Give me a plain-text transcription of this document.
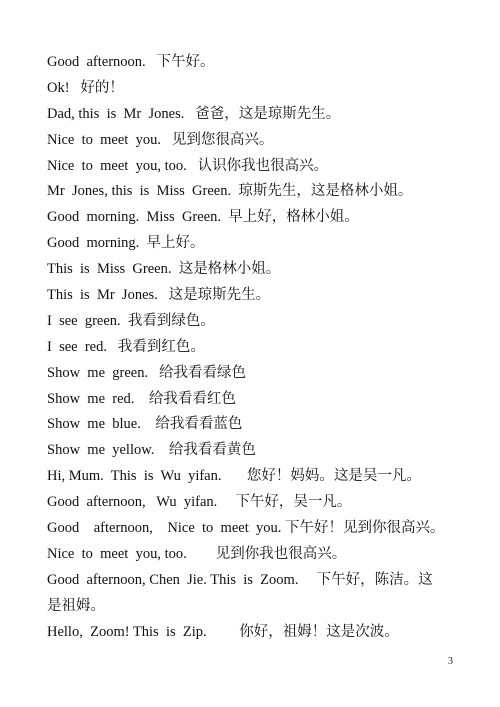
Good  afternoon.   下午好。
Ok!   好的！
Dad, this  is  Mr  Jones.   爸爸，这是琼斯先生。
Nice  to  meet  you.   见到您很高兴。
Nice  to  meet  you, too.   认识你我也很高兴。
Mr  Jones, this  is  Miss  Green.  琼斯先生，这是格林小姐。
Good  morning.  Miss  Green.  早上好，格林小姐。
Good  morning.  早上好。
This  is  Miss  Green.  这是格林小姐。
This  is  Mr  Jones.   这是琼斯先生。
I  see  green.  我看到绿色。
I  see  red.   我看到红色。
Show  me  green.   给我看看绿色
Show  me  red.    给我看看红色
Show  me  blue.    给我看看蓝色
Show  me  yellow.    给我看看黄色
Hi, Mum.  This  is  Wu  yifan.       您好！妈妈。这是吴一凡。
Good  afternoon,   Wu  yifan.     下午好，吴一凡。
Good    afternoon,    Nice  to  meet  you. 下午好！见到你很高兴。
Nice  to  meet  you, too.        见到你我也很高兴。
Good  afternoon, Chen  Jie. This  is  Zoom.     下午好，陈洁。这
是祖姆。
Hello,  Zoom! This  is  Zip.         你好，祖姆！这是次波。
3
